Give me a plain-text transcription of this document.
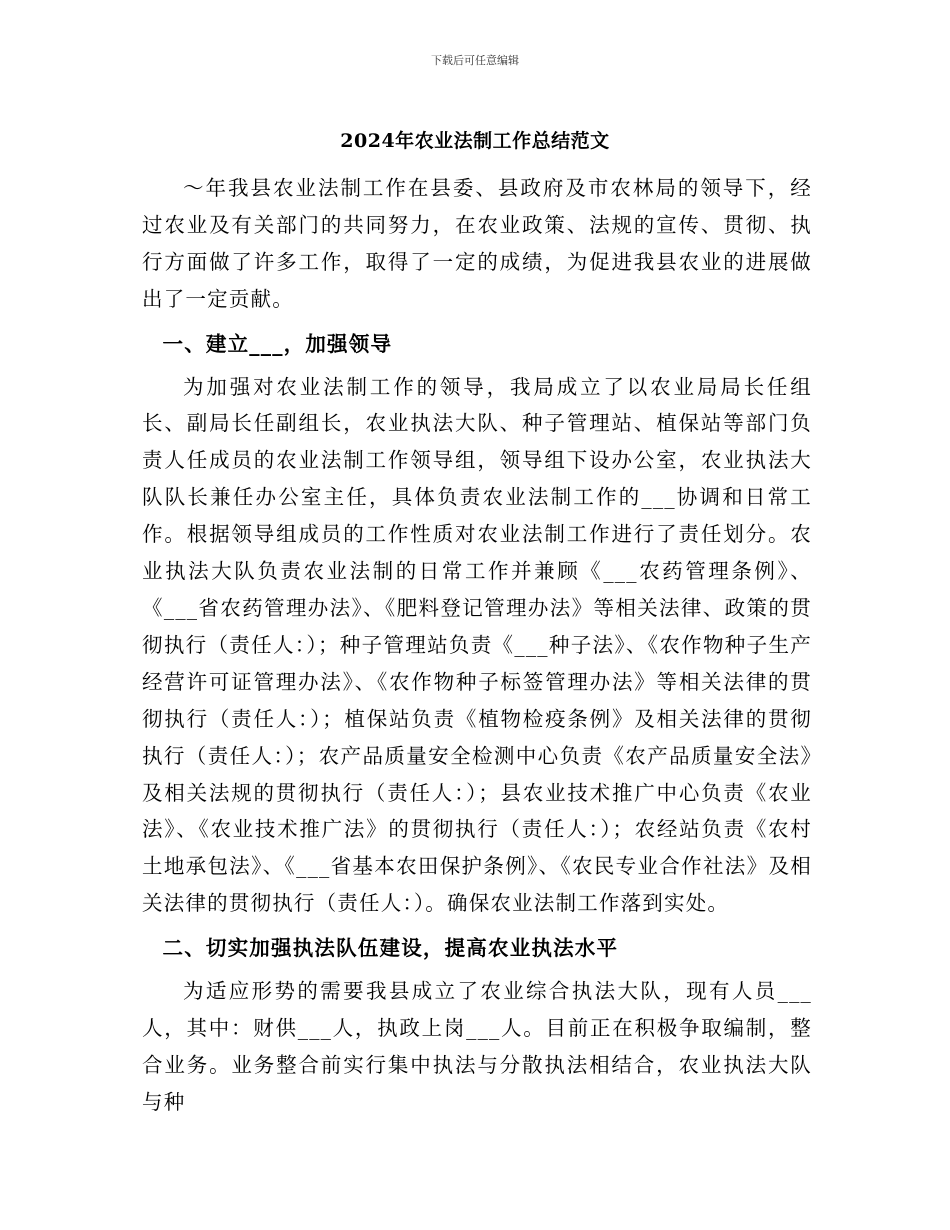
下载后可任意编辑
2024年农业法制工作总结范文

～年我县农业法制工作在县委、县政府及市农林局的领导下，经过农业及有关部门的共同努力，在农业政策、法规的宣传、贯彻、执行方面做了许多工作，取得了一定的成绩，为促进我县农业的进展做出了一定贡献。

一、建立___，加强领导

为加强对农业法制工作的领导，我局成立了以农业局局长任组长、副局长任副组长，农业执法大队、种子管理站、植保站等部门负责人任成员的农业法制工作领导组，领导组下设办公室，农业执法大队队长兼任办公室主任，具体负责农业法制工作的___协调和日常工作。根据领导组成员的工作性质对农业法制工作进行了责任划分。农业执法大队负责农业法制的日常工作并兼顾《___农药管理条例》、《___省农药管理办法》、《肥料登记管理办法》等相关法律、政策的贯彻执行（责任人：）；种子管理站负责《___种子法》、《农作物种子生产经营许可证管理办法》、《农作物种子标签管理办法》等相关法律的贯彻执行（责任人：）；植保站负责《植物检疫条例》及相关法律的贯彻执行（责任人：）；农产品质量安全检测中心负责《农产品质量安全法》及相关法规的贯彻执行（责任人：）；县农业技术推广中心负责《农业法》、《农业技术推广法》的贯彻执行（责任人：）；农经站负责《农村土地承包法》、《___省基本农田保护条例》、《农民专业合作社法》及相关法律的贯彻执行（责任人：）。确保农业法制工作落到实处。

二、切实加强执法队伍建设，提高农业执法水平

为适应形势的需要我县成立了农业综合执法大队，现有人员___人，其中：财供___人，执政上岗___人。目前正在积极争取编制，整合业务。业务整合前实行集中执法与分散执法相结合，农业执法大队与种
